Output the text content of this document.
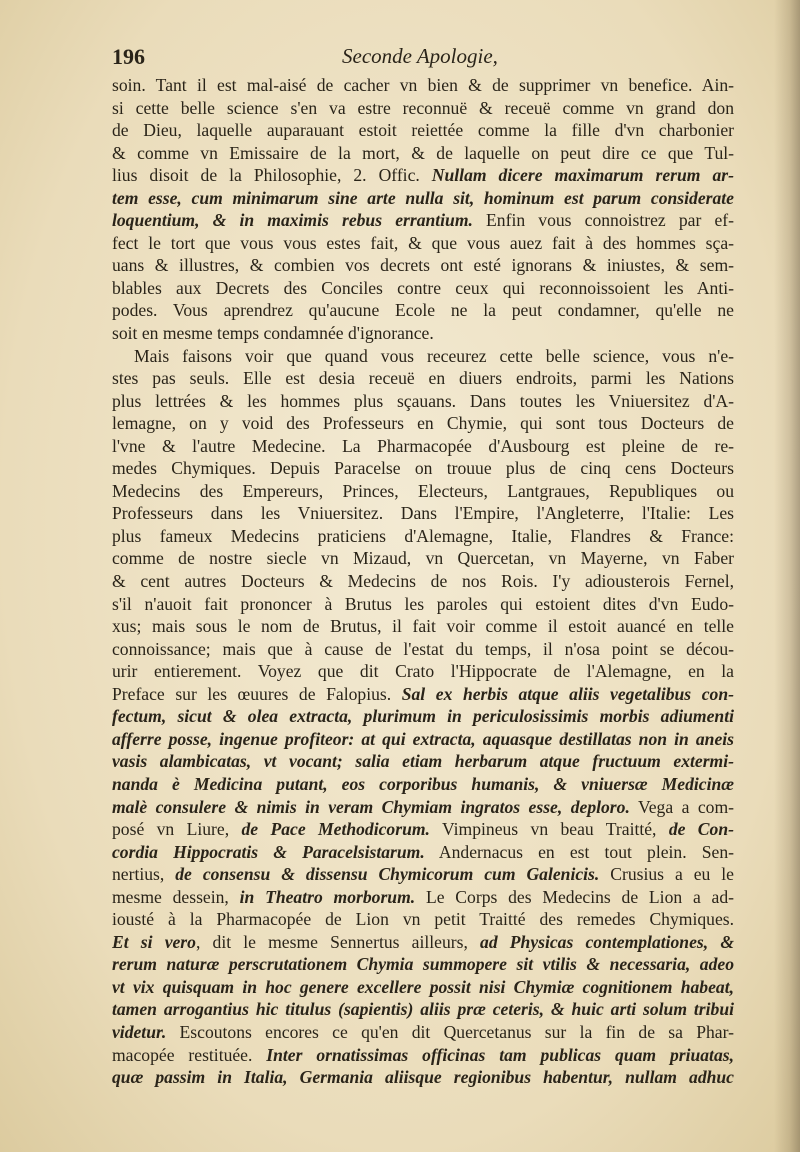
196	Seconde Apologie,
soin. Tant il est mal-aisé de cacher vn bien & de supprimer vn benefice. Ain-
si cette belle science s'en va estre reconnuë & receuë comme vn grand don
de Dieu, laquelle auparauant estoit reiettée comme la fille d'vn charbonier
& comme vn Emissaire de la mort, & de laquelle on peut dire ce que Tul-
lius disoit de la Philosophie, 2. Offic. Nullam dicere maximarum rerum ar-
tem esse, cum minimarum sine arte nulla sit, hominum est parum considerate
loquentium, & in maximis rebus errantium. Enfin vous connoistrez par ef-
fect le tort que vous vous estes fait, & que vous auez fait à des hommes sça-
uans & illustres, & combien vos decrets ont esté ignorans & iniustes, & sem-
blables aux Decrets des Conciles contre ceux qui reconnoissoient les Anti-
podes. Vous aprendrez qu'aucune Ecole ne la peut condamner, qu'elle ne
soit en mesme temps condamnée d'ignorance.
Mais faisons voir que quand vous receurez cette belle science, vous n'e-
stes pas seuls. Elle est desia receuë en diuers endroits, parmi les Nations
plus lettrées & les hommes plus sçauans. Dans toutes les Vniuersitez d'A-
lemagne, on y void des Professeurs en Chymie, qui sont tous Docteurs de
l'vne & l'autre Medecine. La Pharmacopée d'Ausbourg est pleine de re-
medes Chymiques. Depuis Paracelse on trouue plus de cinq cens Docteurs
Medecins des Empereurs, Princes, Electeurs, Lantgraues, Republiques ou
Professeurs dans les Vniuersitez. Dans l'Empire, l'Angleterre, l'Italie: Les
plus fameux Medecins praticiens d'Alemagne, Italie, Flandres & France:
comme de nostre siecle vn Mizaud, vn Quercetan, vn Mayerne, vn Faber
& cent autres Docteurs & Medecins de nos Rois. I'y adiousterois Fernel,
s'il n'auoit fait prononcer à Brutus les paroles qui estoient dites d'vn Eudo-
xus; mais sous le nom de Brutus, il fait voir comme il estoit auancé en telle
connoissance; mais que à cause de l'estat du temps, il n'osa point se décou-
urir entierement. Voyez que dit Crato l'Hippocrate de l'Alemagne, en la
Preface sur les œuures de Falopius. Sal ex herbis atque aliis vegetalibus con-
fectum, sicut & olea extracta, plurimum in periculosissimis morbis adiumenti
afferre posse, ingenue profiteor: at qui extracta, aquasque destillatas non in aneis
vasis alambicatas, vt vocant; salia etiam herbarum atque fructuum extermi-
nanda è Medicina putant, eos corporibus humanis, & vniuersæ Medicinæ
malè consulere & nimis in veram Chymiam ingratos esse, deploro. Vega a com-
posé vn Liure, de Pace Methodicorum. Vimpineus vn beau Traitté, de Con-
cordia Hippocratis & Paracelsistarum. Andernacus en est tout plein. Sen-
nertius, de consensu & dissensu Chymicorum cum Galenicis. Crusius a eu le
mesme dessein, in Theatro morborum. Le Corps des Medecins de Lion a ad-
iousté à la Pharmacopée de Lion vn petit Traitté des remedes Chymiques.
Et si vero, dit le mesme Sennertus ailleurs, ad Physicas contemplationes, &
rerum naturæ perscrutationem Chymia summopere sit vtilis & necessaria, adeo
vt vix quisquam in hoc genere excellere possit nisi Chymiæ cognitionem habeat,
tamen arrogantius hic titulus (sapientis) aliis præ ceteris, & huic arti solum tribui
videtur. Escoutons encores ce qu'en dit Quercetanus sur la fin de sa Phar-
macopée restituée. Inter ornatissimas officinas tam publicas quam priuatas,
quæ passim in Italia, Germania aliisque regionibus habentur, nullam adhuc
